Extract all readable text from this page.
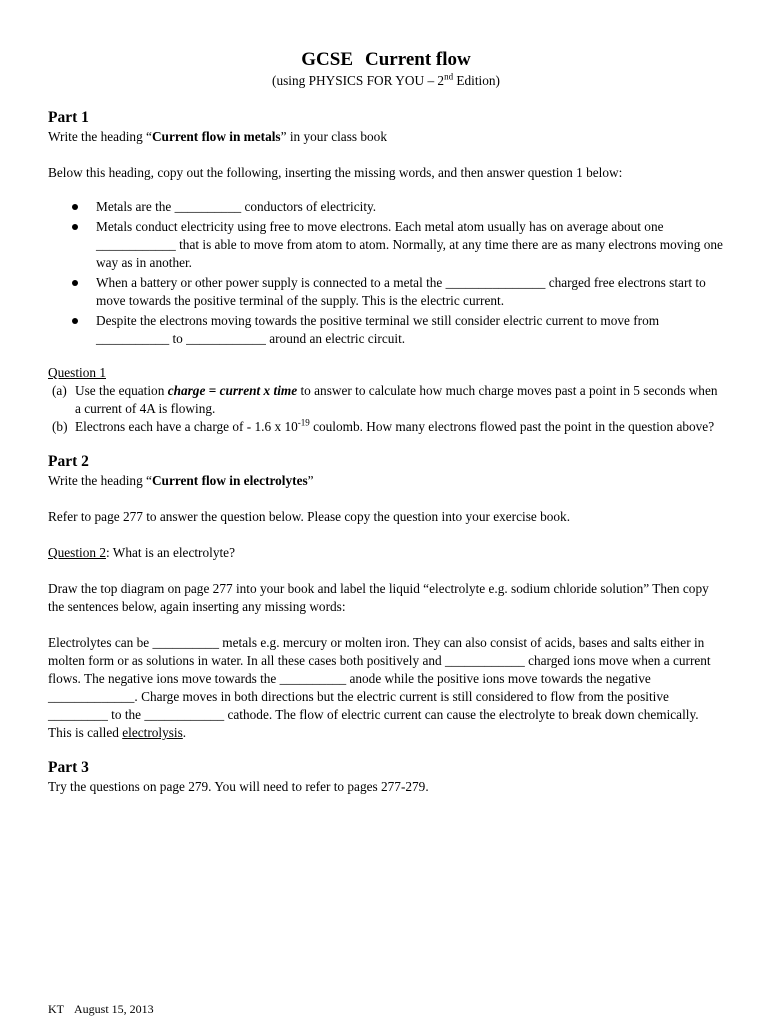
GCSE Current flow

(using PHYSICS FOR YOU – 2nd Edition)

Part 1

Write the heading “Current flow in metals” in your class book

Below this heading, copy out the following, inserting the missing words, and then answer question 1 below:

Metals are the __________ conductors of electricity.
Metals conduct electricity using free to move electrons. Each metal atom usually has on average about one ____________ that is able to move from atom to atom. Normally, at any time there are as many electrons moving one way as in another.
When a battery or other power supply is connected to a metal the _______________ charged free electrons start to move towards the positive terminal of the supply. This is the electric current.
Despite the electrons moving towards the positive terminal we still consider electric current to move from ___________ to ____________ around an electric circuit.

Question 1

(a) Use the equation charge = current x time to answer to calculate how much charge moves past a point in 5 seconds when a current of 4A is flowing.
(b) Electrons each have a charge of - 1.6 x $10^{-19}$ coulomb. How many electrons flowed past the point in the question above?
Part 2

Write the heading “Current flow in electrolytes”

Refer to page 277 to answer the question below. Please copy the question into your exercise book.

Question 2: What is an electrolyte?

Draw the top diagram on page 277 into your book and label the liquid “electrolyte e.g. sodium chloride solution” Then copy the sentences below, again inserting any missing words:

Electrolytes can be __________ metals e.g. mercury or molten iron. They can also consist of acids, bases and salts either in molten form or as solutions in water. In all these cases both positively and ____________ charged ions move when a current flows. The negative ions move towards the __________ anode while the positive ions move towards the negative _____________. Charge moves in both directions but the electric current is still considered to flow from the positive _________ to the ____________ cathode. The flow of electric current can cause the electrolyte to break down chemically. This is called electrolysis.

Part 3

Try the questions on page 279. You will need to refer to pages 277-279.

KT August 15, 2013
